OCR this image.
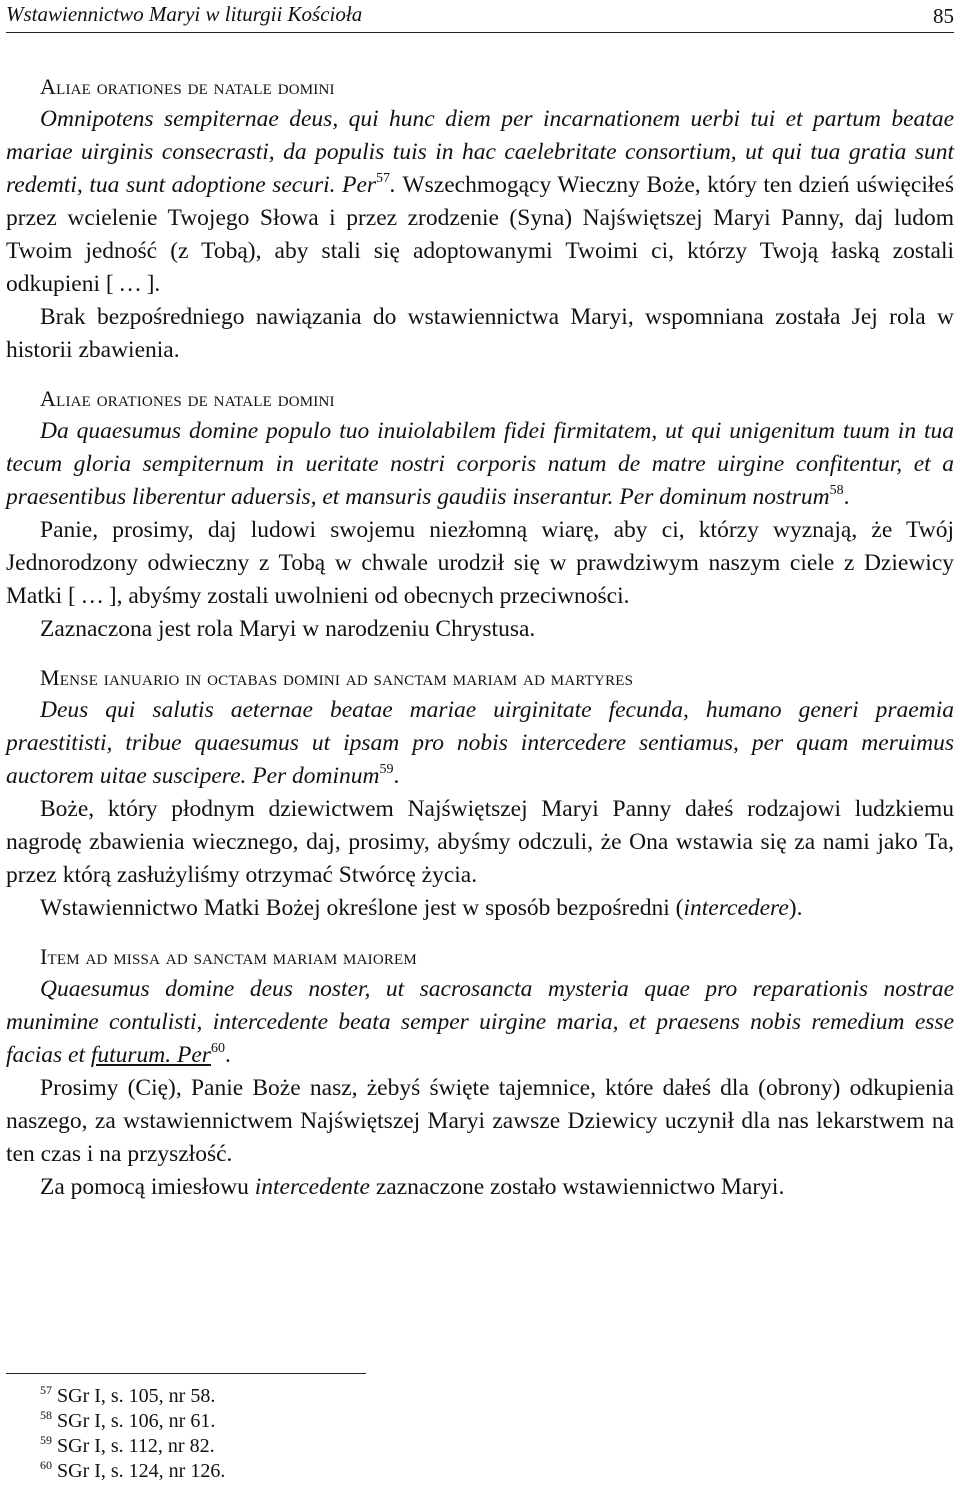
Wstawiennictwo Maryi w liturgii Kościoła	85
Aliae orationes de natale domini

Omnipotens sempiternae deus, qui hunc diem per incarnationem uerbi tui et partum beatae mariae uirginis consecrasti, da populis tuis in hac caelebritate consortium, ut qui tua gratia sunt redemti, tua sunt adoptione securi. Per$^{57}$. Wszechmogący Wieczny Boże, który ten dzień uświęciłeś przez wcielenie Twojego Słowa i przez zrodzenie (Syna) Najświętszej Maryi Panny, daj ludom Twoim jedność (z Tobą), aby stali się adoptowanymi Twoimi ci, którzy Twoją łaską zostali odkupieni [ … ].

Brak bezpośredniego nawiązania do wstawiennictwa Maryi, wspomniana została Jej rola w historii zbawienia.

Aliae orationes de natale domini

Da quaesumus domine populo tuo inuiolabilem fidei firmitatem, ut qui unigenitum tuum in tua tecum gloria sempiternum in ueritate nostri corporis natum de matre uirgine confitentur, et a praesentibus liberentur aduersis, et mansuris gaudiis inserantur. Per dominum nostrum$^{58}$.

Panie, prosimy, daj ludowi swojemu niezłomną wiarę, aby ci, którzy wyznają, że Twój Jednorodzony odwieczny z Tobą w chwale urodził się w prawdziwym naszym ciele z Dziewicy Matki [ … ], abyśmy zostali uwolnieni od obecnych przeciwności.

Zaznaczona jest rola Maryi w narodzeniu Chrystusa.

Mense ianuario in octabas domini ad sanctam mariam ad martyres

Deus qui salutis aeternae beatae mariae uirginitate fecunda, humano generi praemia praestitisti, tribue quaesumus ut ipsam pro nobis intercedere sentiamus, per quam meruimus auctorem uitae suscipere. Per dominum$^{59}$.

Boże, który płodnym dziewictwem Najświętszej Maryi Panny dałeś rodzajowi ludzkiemu nagrodę zbawienia wiecznego, daj, prosimy, abyśmy odczuli, że Ona wstawia się za nami jako Ta, przez którą zasłużyliśmy otrzymać Stwórcę życia.

Wstawiennictwo Matki Bożej określone jest w sposób bezpośredni (intercedere).

Item ad missa ad sanctam mariam maiorem

Quaesumus domine deus noster, ut sacrosancta mysteria quae pro reparationis nostrae munimine contulisti, intercedente beata semper uirgine maria, et praesens nobis remedium esse facias et futurum. Per$^{60}$.

Prosimy (Cię), Panie Boże nasz, żebyś święte tajemnice, które dałeś dla (obrony) odkupienia naszego, za wstawiennictwem Najświętszej Maryi zawsze Dziewicy uczynił dla nas lekarstwem na ten czas i na przyszłość.

Za pomocą imiesłowu intercedente zaznaczone zostało wstawiennictwo Maryi.

$^{57}$ SGr I, s. 105, nr 58.
$^{58}$ SGr I, s. 106, nr 61.
$^{59}$ SGr I, s. 112, nr 82.
$^{60}$ SGr I, s. 124, nr 126.
